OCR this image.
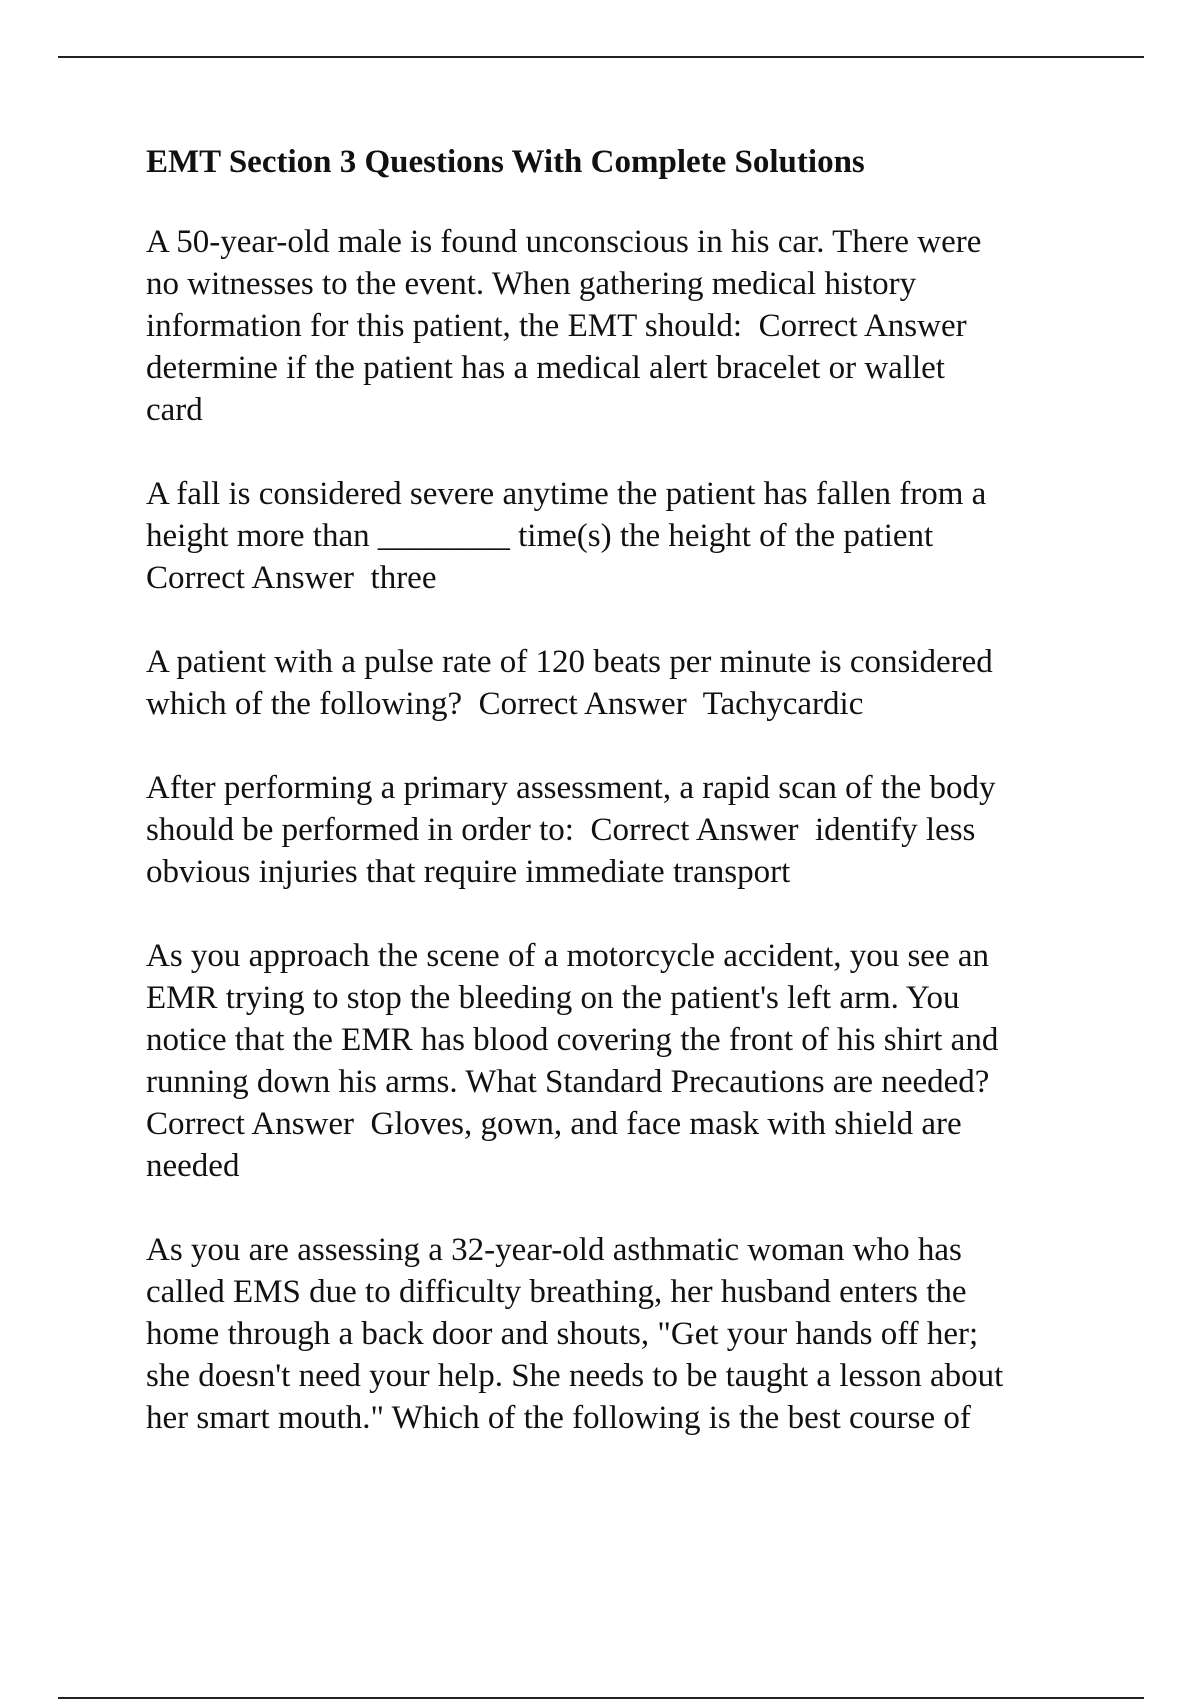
EMT Section 3 Questions With Complete Solutions

A 50-year-old male is found unconscious in his car. There were
no witnesses to the event. When gathering medical history
information for this patient, the EMT should:  Correct Answer
determine if the patient has a medical alert bracelet or wallet
card

A fall is considered severe anytime the patient has fallen from a
height more than ________ time(s) the height of the patient
Correct Answer  three

A patient with a pulse rate of 120 beats per minute is considered
which of the following?  Correct Answer  Tachycardic

After performing a primary assessment, a rapid scan of the body
should be performed in order to:  Correct Answer  identify less
obvious injuries that require immediate transport

As you approach the scene of a motorcycle accident, you see an
EMR trying to stop the bleeding on the patient's left arm. You
notice that the EMR has blood covering the front of his shirt and
running down his arms. What Standard Precautions are needed?
Correct Answer  Gloves, gown, and face mask with shield are
needed

As you are assessing a 32-year-old asthmatic woman who has
called EMS due to difficulty breathing, her husband enters the
home through a back door and shouts, "Get your hands off her;
she doesn't need your help. She needs to be taught a lesson about
her smart mouth." Which of the following is the best course of
